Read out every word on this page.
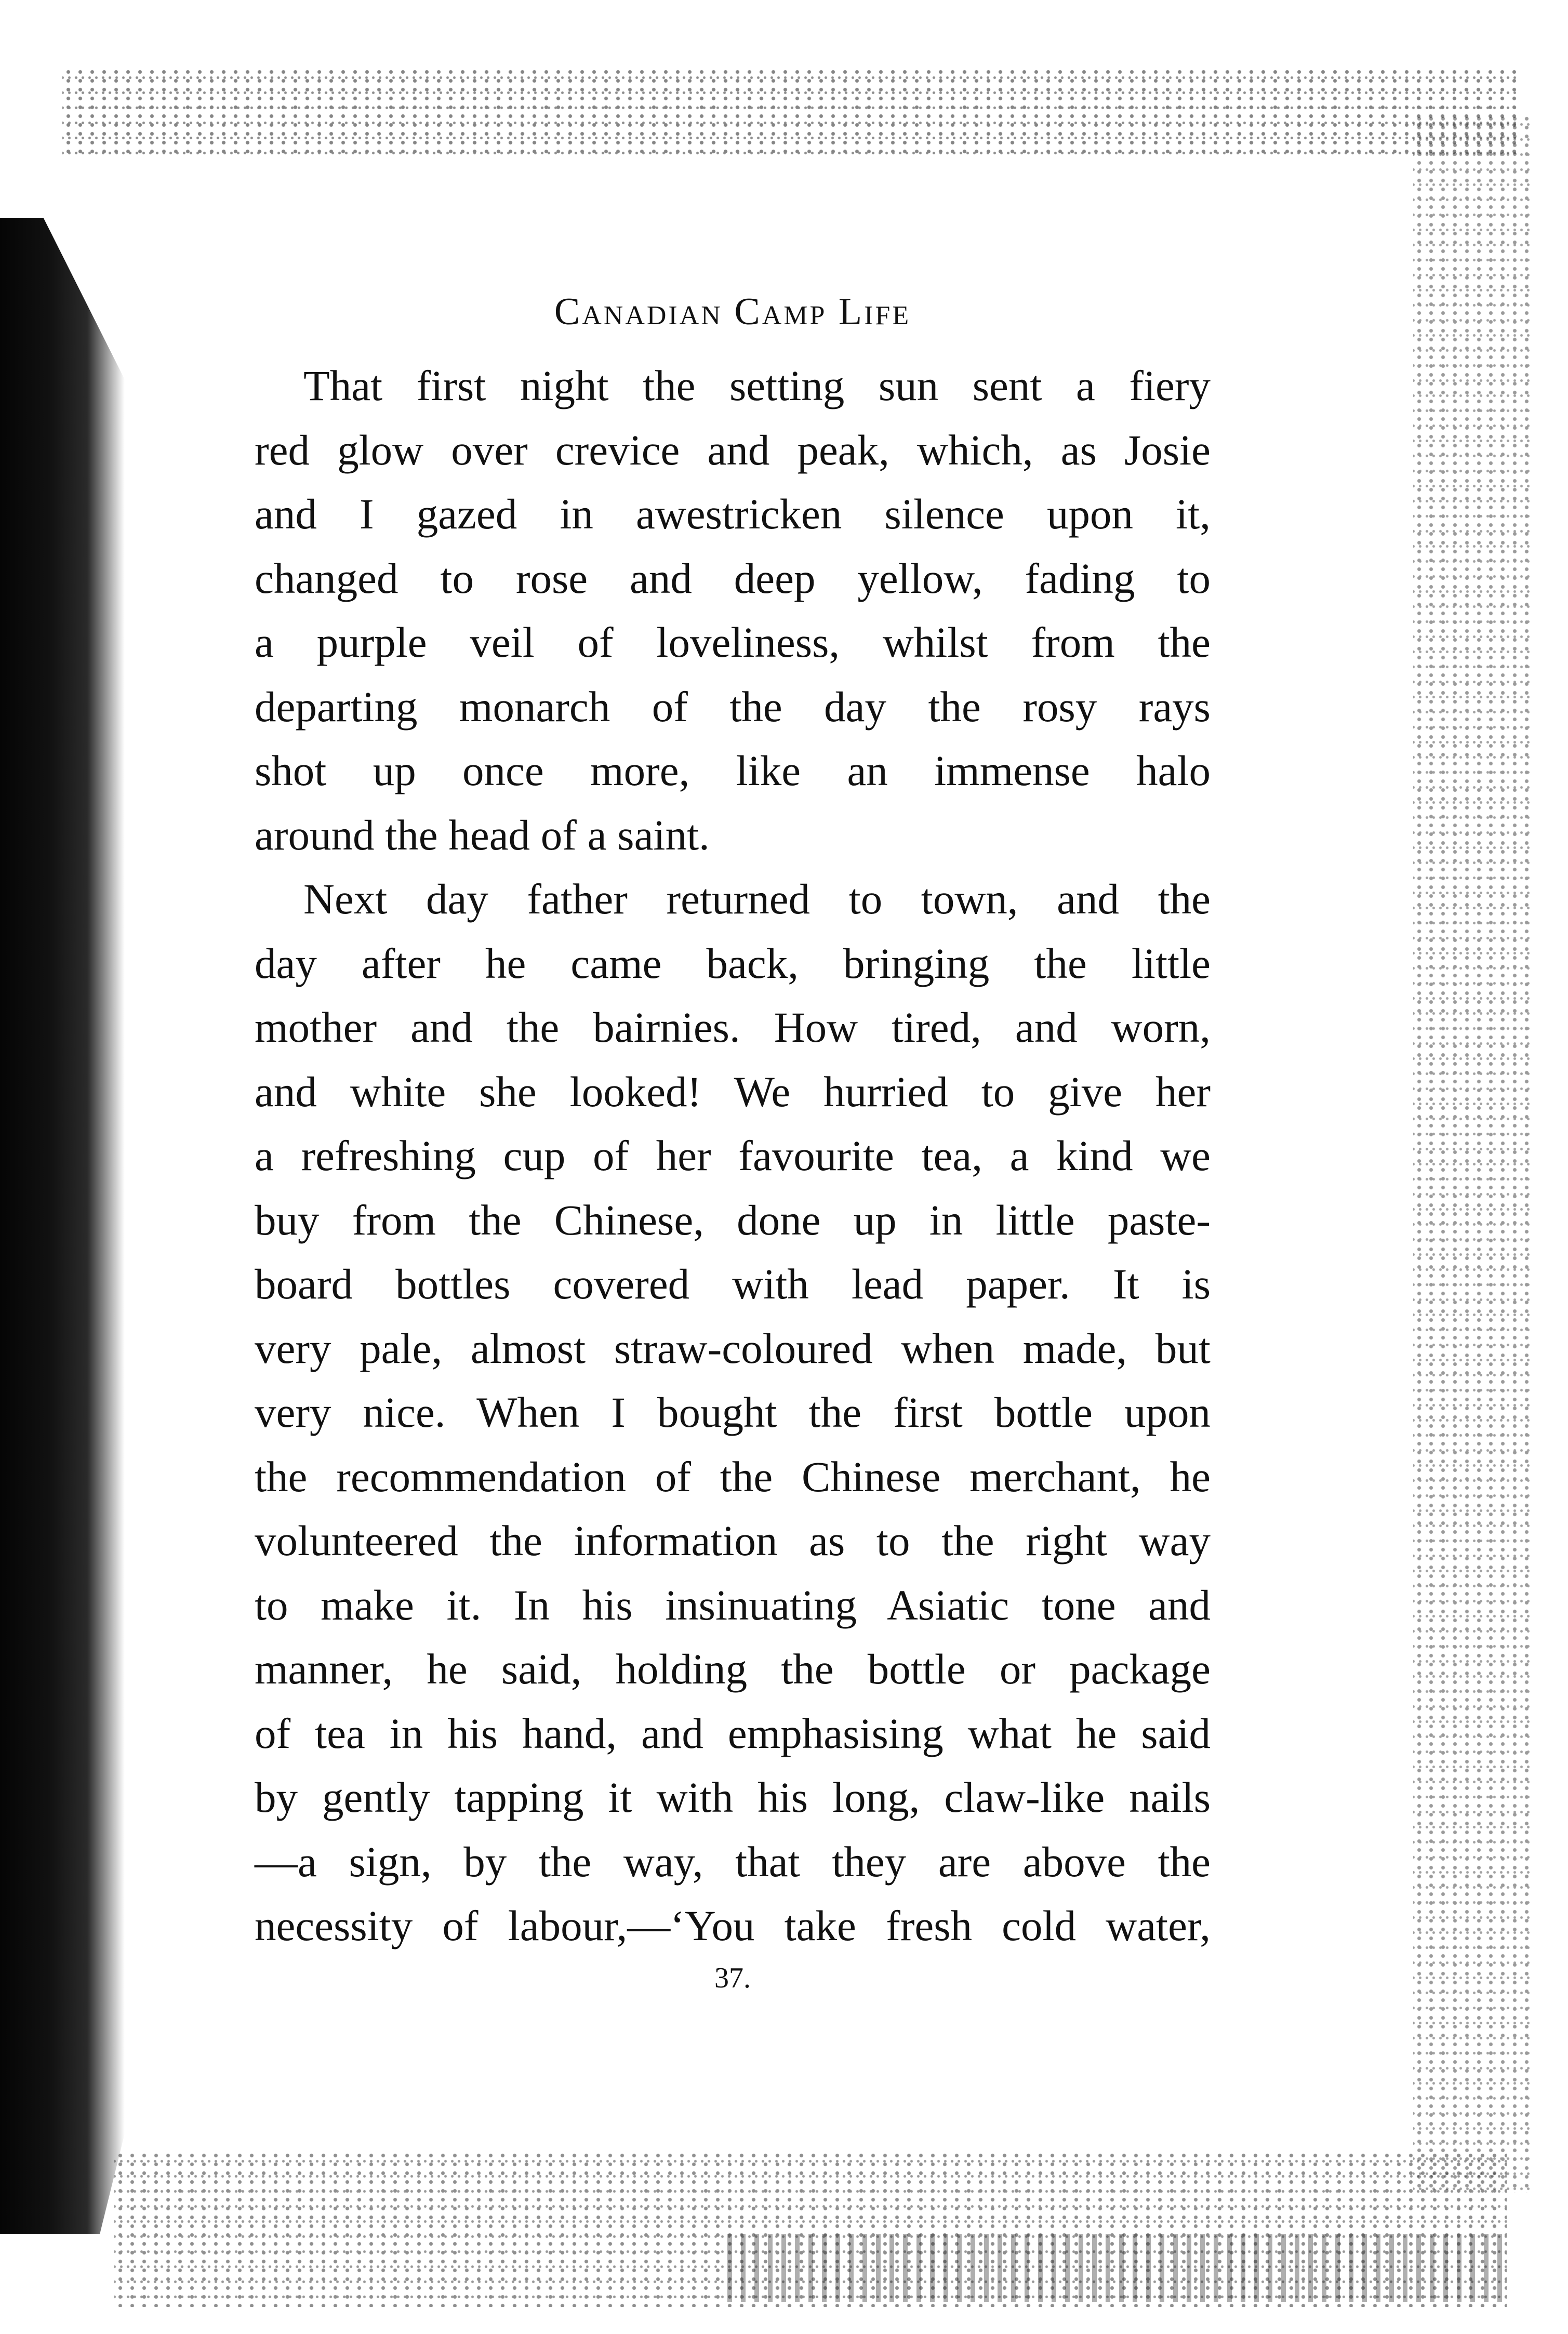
Canadian Camp Life

That first night the setting sun sent a fiery
red glow over crevice and peak, which, as Josie
and I gazed in awestricken silence upon it,
changed to rose and deep yellow, fading to
a purple veil of loveliness, whilst from the
departing monarch of the day the rosy rays
shot up once more, like an immense halo
around the head of a saint.

Next day father returned to town, and the
day after he came back, bringing the little
mother and the bairnies. How tired, and worn,
and white she looked! We hurried to give her
a refreshing cup of her favourite tea, a kind we
buy from the Chinese, done up in little paste-
board bottles covered with lead paper. It is
very pale, almost straw-coloured when made, but
very nice. When I bought the first bottle upon
the recommendation of the Chinese merchant, he
volunteered the information as to the right way
to make it. In his insinuating Asiatic tone and
manner, he said, holding the bottle or package
of tea in his hand, and emphasising what he said
by gently tapping it with his long, claw-like nails
—a sign, by the way, that they are above the
necessity of labour,—‘You take fresh cold water,

37.
